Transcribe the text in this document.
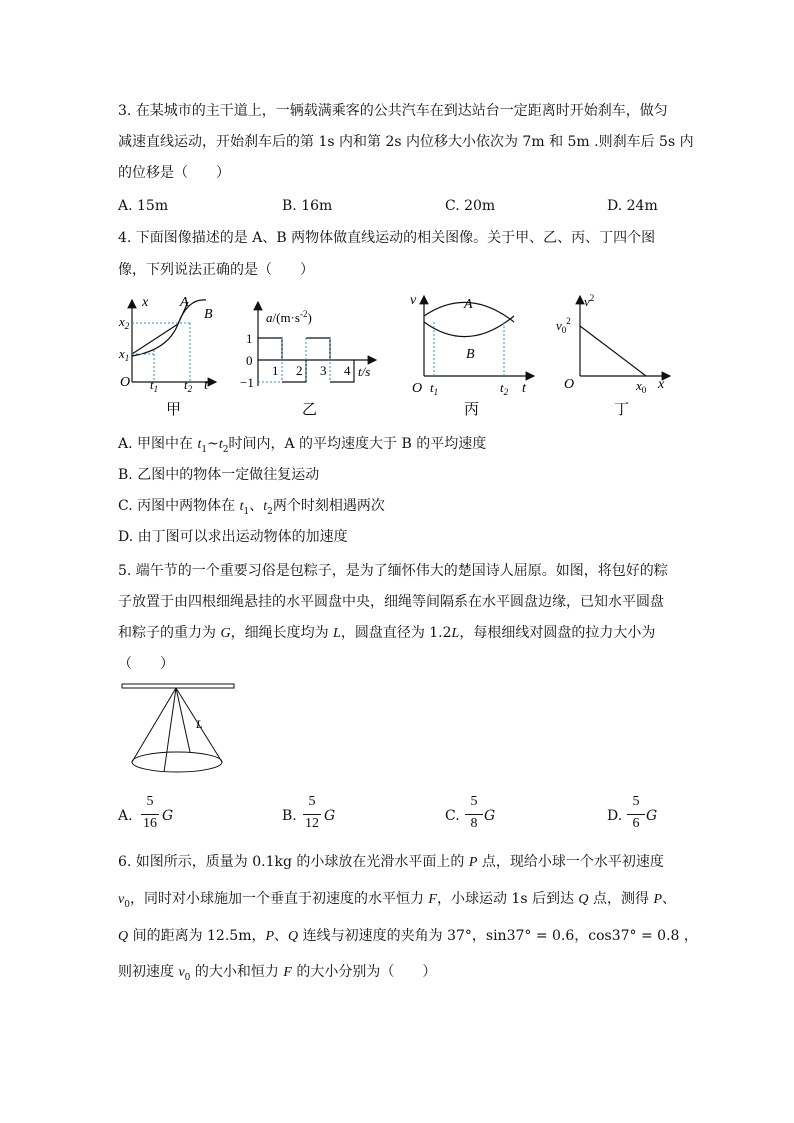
3. 在某城市的主干道上，一辆载满乘客的公共汽车在到达站台一定距离时开始刹车，做匀
减速直线运动，开始刹车后的第 1s 内和第 2s 内位移大小依次为 7m 和 5m .则刹车后 5s 内
的位移是（　　）
A. 15m	B. 16m	C. 20m	D. 24m
4. 下面图像描述的是 A、B 两物体做直线运动的相关图像。关于甲、乙、丙、丁四个图
像，下列说法正确的是（　　）
x A
B
$x_2$
$x_1$
O $t_1$ $t_2$ t
甲
$a/(m\cdot s^{-2})$
1
0
−1
1 2 3 4 t/s
乙
v	A
B
O $t_1$	$t_2$ t
丙
$v^2$
$v_0^2$
O	$x_0$ x
丁
A. 甲图中在 $t_1\sim t_2$时间内，A 的平均速度大于 B 的平均速度
B. 乙图中的物体一定做往复运动
C. 丙图中两物体在 $t_1$、$t_2$两个时刻相遇两次
D. 由丁图可以求出运动物体的加速度
5. 端午节的一个重要习俗是包粽子，是为了缅怀伟大的楚国诗人屈原。如图，将包好的粽
子放置于由四根细绳悬挂的水平圆盘中央，细绳等间隔系在水平圆盘边缘，已知水平圆盘
和粽子的重力为 G，细绳长度均为 L，圆盘直径为 1.2L，每根细线对圆盘的拉力大小为
（　　）
L
A.
5
16 G	B.
5
12 G	C.
5
8 G	D.
5
6 G
6. 如图所示，质量为 0.1kg 的小球放在光滑水平面上的 P 点，现给小球一个水平初速度
$v_0$，同时对小球施加一个垂直于初速度的水平恒力 F，小球运动 1s 后到达 Q 点，测得 P、
Q 间的距离为 12.5m，P、Q 连线与初速度的夹角为 37°，sin37° = 0.6，cos37° = 0.8 ，
则初速度 $v_0$ 的大小和恒力 F 的大小分别为（　　）
